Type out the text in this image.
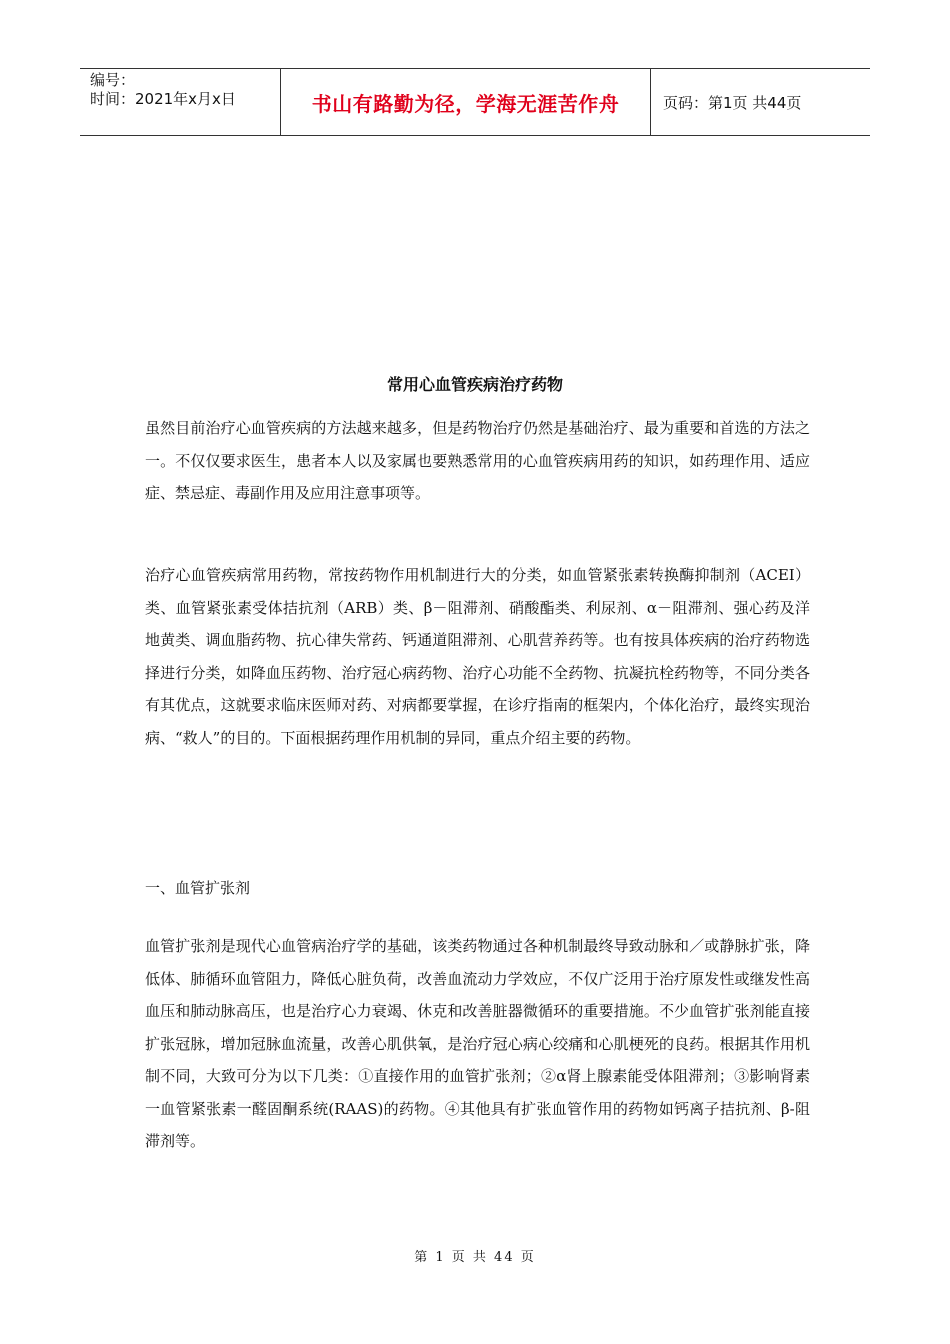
编号：
时间：2021年x月x日	书山有路勤为径，学海无涯苦作舟	页码：第1页 共44页
常用心血管疾病治疗药物

虽然目前治疗心血管疾病的方法越来越多，但是药物治疗仍然是基础治疗、最为重要和首选的方法之一。不仅仅要求医生，患者本人以及家属也要熟悉常用的心血管疾病用药的知识，如药理作用、适应症、禁忌症、毒副作用及应用注意事项等。

治疗心血管疾病常用药物，常按药物作用机制进行大的分类，如血管紧张素转换酶抑制剂（ACEI）类、血管紧张素受体拮抗剂（ARB）类、β－阻滞剂、硝酸酯类、利尿剂、α－阻滞剂、强心药及洋地黄类、调血脂药物、抗心律失常药、钙通道阻滞剂、心肌营养药等。也有按具体疾病的治疗药物选择进行分类，如降血压药物、治疗冠心病药物、治疗心功能不全药物、抗凝抗栓药物等，不同分类各有其优点，这就要求临床医师对药、对病都要掌握，在诊疗指南的框架内，个体化治疗，最终实现治病、“救人”的目的。下面根据药理作用机制的异同，重点介绍主要的药物。

一、血管扩张剂

血管扩张剂是现代心血管病治疗学的基础，该类药物通过各种机制最终导致动脉和／或静脉扩张，降低体、肺循环血管阻力，降低心脏负荷，改善血流动力学效应，不仅广泛用于治疗原发性或继发性高血压和肺动脉高压，也是治疗心力衰竭、休克和改善脏器微循环的重要措施。不少血管扩张剂能直接扩张冠脉，增加冠脉血流量，改善心肌供氧，是治疗冠心病心绞痛和心肌梗死的良药。根据其作用机制不同，大致可分为以下几类：①直接作用的血管扩张剂；②α肾上腺素能受体阻滞剂；③影响肾素一血管紧张素一醛固酮系统(RAAS)的药物。④其他具有扩张血管作用的药物如钙离子拮抗剂、β-阻滞剂等。

第 1 页 共 44 页
